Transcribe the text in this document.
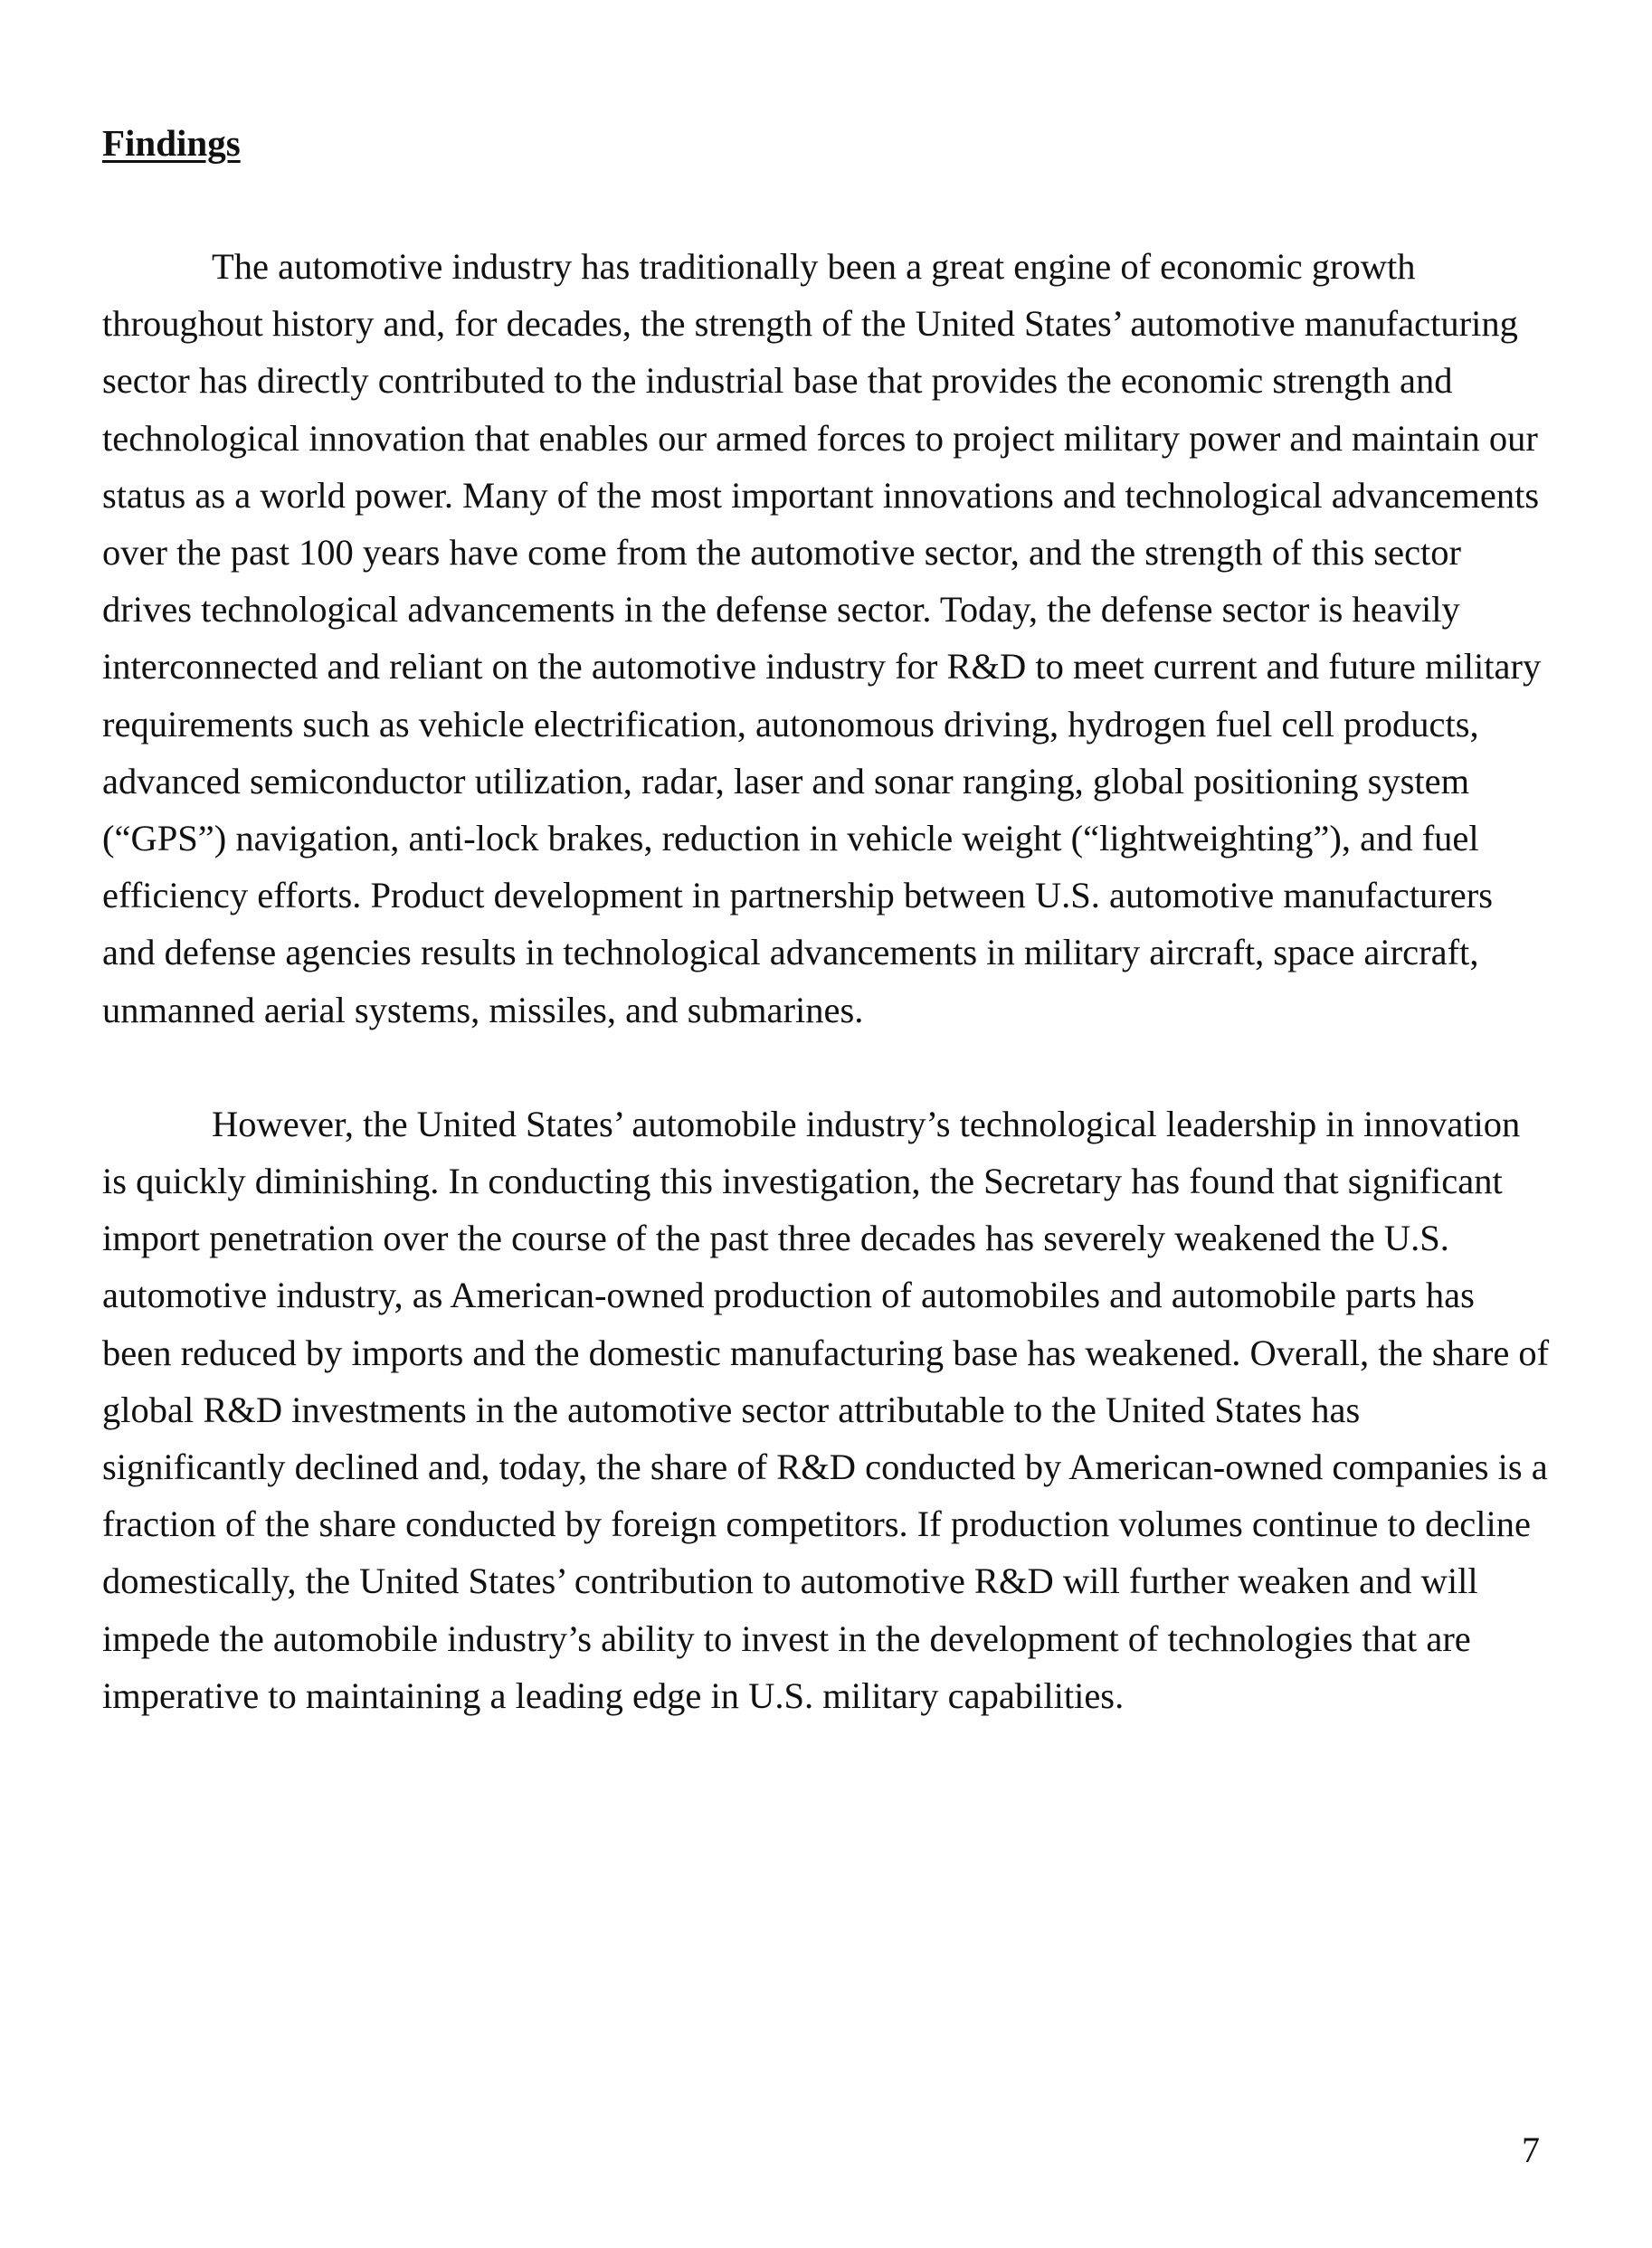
Findings

The automotive industry has traditionally been a great engine of economic growth throughout history and, for decades, the strength of the United States’ automotive manufacturing sector has directly contributed to the industrial base that provides the economic strength and technological innovation that enables our armed forces to project military power and maintain our status as a world power. Many of the most important innovations and technological advancements over the past 100 years have come from the automotive sector, and the strength of this sector drives technological advancements in the defense sector. Today, the defense sector is heavily interconnected and reliant on the automotive industry for R&D to meet current and future military requirements such as vehicle electrification, autonomous driving, hydrogen fuel cell products, advanced semiconductor utilization, radar, laser and sonar ranging, global positioning system (“GPS”) navigation, anti-lock brakes, reduction in vehicle weight (“lightweighting”), and fuel efficiency efforts. Product development in partnership between U.S. automotive manufacturers and defense agencies results in technological advancements in military aircraft, space aircraft, unmanned aerial systems, missiles, and submarines.

However, the United States’ automobile industry’s technological leadership in innovation is quickly diminishing. In conducting this investigation, the Secretary has found that significant import penetration over the course of the past three decades has severely weakened the U.S. automotive industry, as American-owned production of automobiles and automobile parts has been reduced by imports and the domestic manufacturing base has weakened. Overall, the share of global R&D investments in the automotive sector attributable to the United States has significantly declined and, today, the share of R&D conducted by American-owned companies is a fraction of the share conducted by foreign competitors. If production volumes continue to decline domestically, the United States’ contribution to automotive R&D will further weaken and will impede the automobile industry’s ability to invest in the development of technologies that are imperative to maintaining a leading edge in U.S. military capabilities.

7
